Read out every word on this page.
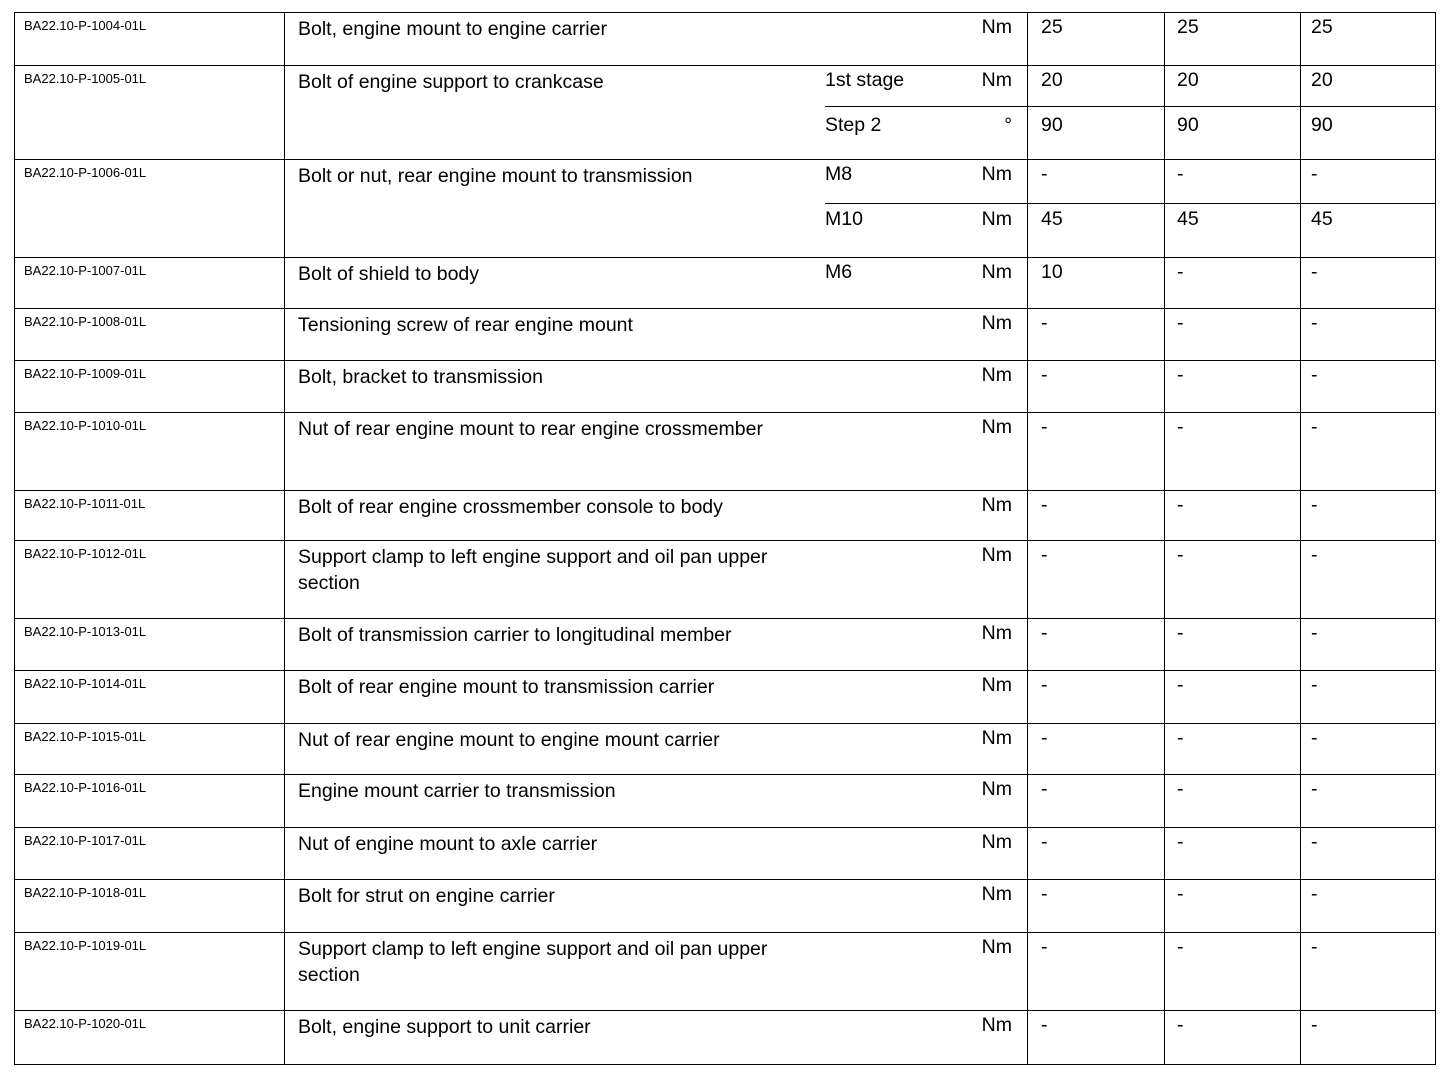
BA22.10-P-1004-01L	Bolt, engine mount to engine carrier	Nm 25	25	25
BA22.10-P-1005-01L	Bolt of engine support to crankcase	1st stage	Nm 20	20	20
Step 2	° 90	90	90
BA22.10-P-1006-01L	Bolt or nut, rear engine mount to transmission	M8	Nm -	-	-
M10	Nm 45	45	45
BA22.10-P-1007-01L	Bolt of shield to body	M6	Nm 10	-	-
BA22.10-P-1008-01L	Tensioning screw of rear engine mount	Nm -	-	-
BA22.10-P-1009-01L	Bolt, bracket to transmission	Nm -	-	-
BA22.10-P-1010-01L	Nut of rear engine mount to rear engine crossmember	Nm -	-	-
BA22.10-P-1011-01L	Bolt of rear engine crossmember console to body	Nm -	-	-
BA22.10-P-1012-01L	Support clamp to left engine support and oil pan upper section
Nm -	-	-
BA22.10-P-1013-01L	Bolt of transmission carrier to longitudinal member	Nm -	-	-
BA22.10-P-1014-01L	Bolt of rear engine mount to transmission carrier	Nm -	-	-
BA22.10-P-1015-01L	Nut of rear engine mount to engine mount carrier	Nm -	-	-
BA22.10-P-1016-01L	Engine mount carrier to transmission	Nm -	-	-
BA22.10-P-1017-01L	Nut of engine mount to axle carrier	Nm -	-	-
BA22.10-P-1018-01L	Bolt for strut on engine carrier	Nm -	-	-
BA22.10-P-1019-01L	Support clamp to left engine support and oil pan upper section
Nm -	-	-
BA22.10-P-1020-01L	Bolt, engine support to unit carrier	Nm -	-	-
